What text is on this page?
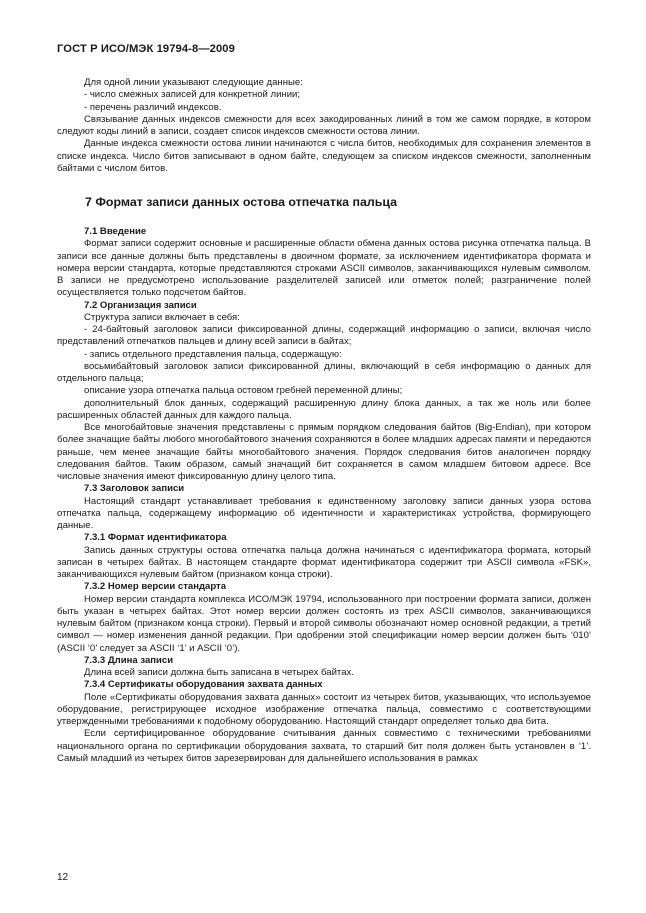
ГОСТ Р ИСО/МЭК 19794-8—2009

Для одной линии указывают следующие данные:

- число смежных записей для конкретной линии;

- перечень различий индексов.

Связывание данных индексов смежности для всех закодированных линий в том же самом порядке, в котором следуют коды линий в записи, создает список индексов смежности остова линии.

Данные индекса смежности остова линии начинаются с числа битов, необходимых для сохранения элементов в списке индекса. Число битов записывают в одном байте, следующем за списком индексов смежности, заполненным байтами с числом битов.

7 Формат записи данных остова отпечатка пальца

7.1 Введение

Формат записи содержит основные и расширенные области обмена данных остова рисунка отпечатка пальца. В записи все данные должны быть представлены в двоичном формате, за исключением идентификатора формата и номера версии стандарта, которые представляются строками ASCII символов, заканчивающихся нулевым символом. В записи не предусмотрено использование разделителей записей или отметок полей; разграничение полей осуществляется только подсчетом байтов.

7.2 Организация записи

Структура записи включает в себя:

- 24-байтовый заголовок записи фиксированной длины, содержащий информацию о записи, включая число представлений отпечатков пальцев и длину всей записи в байтах;

- запись отдельного представления пальца, содержащую:

восьмибайтовый заголовок записи фиксированной длины, включающий в себя информацию о данных для отдельного пальца;

описание узора отпечатка пальца остовом гребней переменной длины;

дополнительный блок данных, содержащий расширенную длину блока данных, а так же ноль или более расширенных областей данных для каждого пальца.

Все многобайтовые значения представлены с прямым порядком следования байтов (Big-Endian), при котором более значащие байты любого многобайтового значения сохраняются в более младших адресах памяти и передаются раньше, чем менее значащие байты многобайтового значения. Порядок следования битов аналогичен порядку следования байтов. Таким образом, самый значащий бит сохраняется в самом младшем битовом адресе. Все числовые значения имеют фиксированную длину целого типа.

7.3 Заголовок записи

Настоящий стандарт устанавливает требования к единственному заголовку записи данных узора остова отпечатка пальца, содержащему информацию об идентичности и характеристиках устройства, формирующего данные.

7.3.1 Формат идентификатора

Запись данных структуры остова отпечатка пальца должна начинаться с идентификатора формата, который записан в четырех байтах. В настоящем стандарте формат идентификатора содержит три ASCII символа «FSK», заканчивающихся нулевым байтом (признаком конца строки).

7.3.2 Номер версии стандарта

Номер версии стандарта комплекса ИСО/МЭК 19794, использованного при построении формата записи, должен быть указан в четырех байтах. Этот номер версии должен состоять из трех ASCII символов, заканчивающихся нулевым байтом (признаком конца строки). Первый и второй символы обозначают номер основной редакции, а третий символ — номер изменения данной редакции. При одобрении этой спецификации номер версии должен быть ‘010’ (ASCII ‘0’ следует за ASCII ‘1’ и ASCII ‘0’).

7.3.3 Длина записи

Длина всей записи должна быть записана в четырех байтах.

7.3.4 Сертификаты оборудования захвата данных

Поле «Сертификаты оборудования захвата данных» состоит из четырех битов, указывающих, что используемое оборудование, регистрирующее исходное изображение отпечатка пальца, совместимо с соответствующими утвержденными требованиями к подобному оборудованию. Настоящий стандарт определяет только два бита.

Если сертифицированное оборудование считывания данных совместимо с техническими требованиями национального органа по сертификации оборудования захвата, то старший бит поля должен быть установлен в ‘1’. Самый младший из четырех битов зарезервирован для дальнейшего использования в рамках

12
